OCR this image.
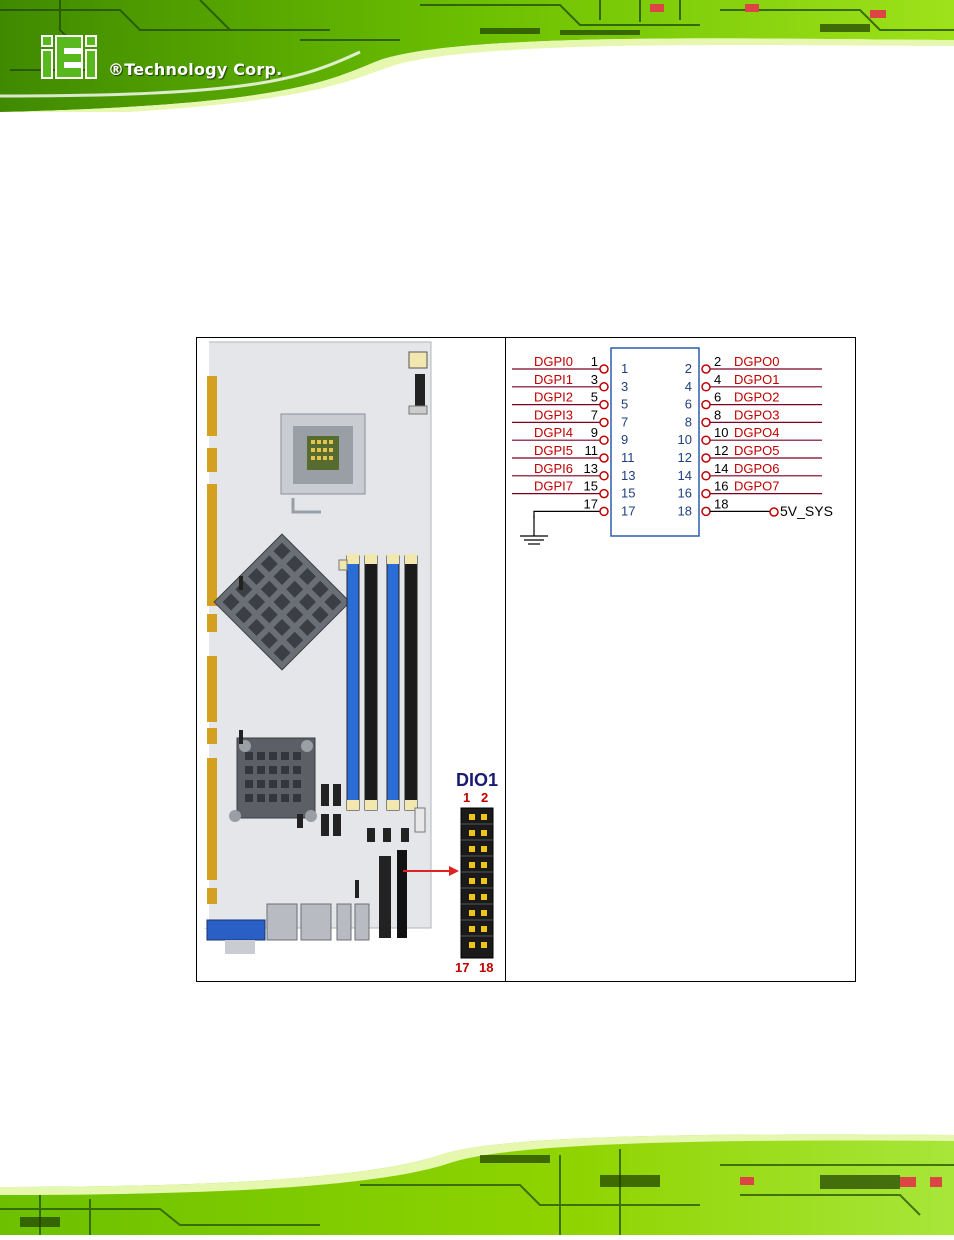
®Technology Corp.
DIO1
1 2
17 18
DGPI0 1 1	2 2 DGPO0
DGPI1 3 3	4 4 DGPO1
DGPI2 5 5	6 6 DGPO2
DGPI3 7 7	8 8 DGPO3
DGPI4 9 9	10 10 DGPO4
DGPI5 11 11	12 12 DGPO5
DGPI6 13 13	14 14 DGPO6
DGPI7 15 15	16 16 DGPO7
17 17	18 18	5V_SYS
